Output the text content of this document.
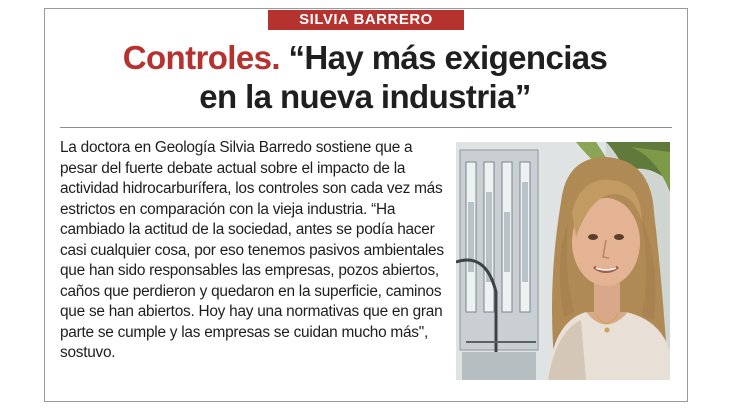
SILVIA BARRERO
Controles. “Hay más exigencias
en la nueva industria”
La doctora en Geología Silvia Barredo sostiene que a pesar del fuerte debate actual sobre el impacto de la actividad hidrocarburífera, los controles son cada vez más estrictos en comparación con la vieja industria. “Ha cambiado la actitud de la sociedad, antes se podía hacer casi cualquier cosa, por eso tenemos pasivos ambientales que han sido responsables las empresas, pozos abiertos, caños que perdieron y quedaron en la superficie, caminos que se han abiertos. Hoy hay una normativas que en gran parte se cumple y las empresas se cuidan mucho más", sostuvo.
